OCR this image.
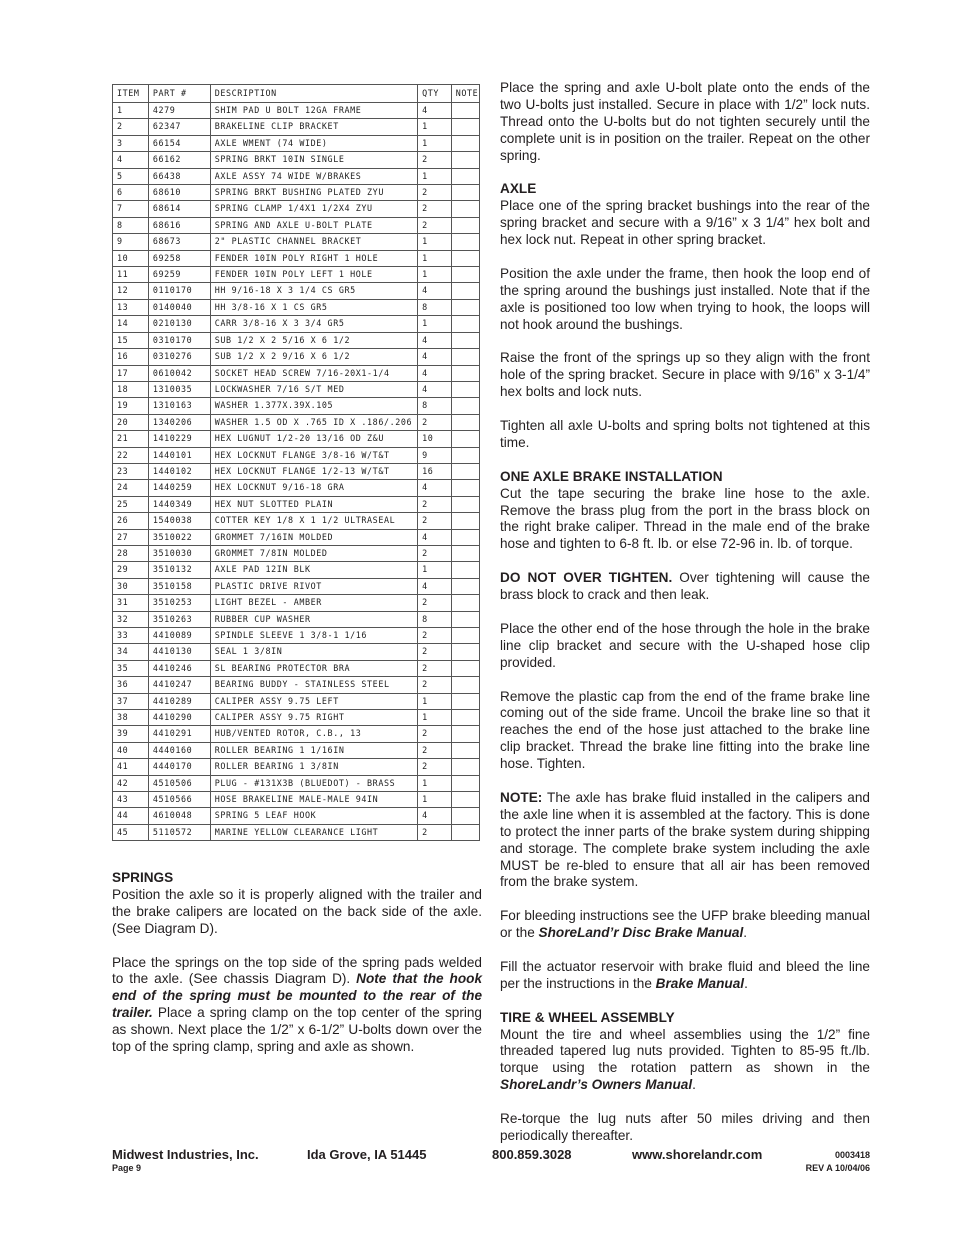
ITEM	PART #	DESCRIPTION	QTY	NOTE
1	4279	SHIM PAD U BOLT 12GA FRAME	4	
2	62347	BRAKELINE CLIP BRACKET	1	
3	66154	AXLE WMENT (74 WIDE)	1	
4	66162	SPRING BRKT 10IN SINGLE	2	
5	66438	AXLE ASSY 74 WIDE W/BRAKES	1	
6	68610	SPRING BRKT BUSHING PLATED ZYU	2	
7	68614	SPRING CLAMP 1/4X1 1/2X4 ZYU	2	
8	68616	SPRING AND AXLE U-BOLT PLATE	2	
9	68673	2" PLASTIC CHANNEL BRACKET	1	
10	69258	FENDER 10IN POLY RIGHT 1 HOLE	1	
11	69259	FENDER 10IN POLY LEFT 1 HOLE	1	
12	0110170	HH 9/16-18 X 3 1/4 CS GR5	4	
13	0140040	HH 3/8-16 X 1 CS GR5	8	
14	0210130	CARR 3/8-16 X 3 3/4 GR5	1	
15	0310170	SUB 1/2 X 2 5/16 X 6 1/2	4	
16	0310276	SUB 1/2 X 2 9/16 X 6 1/2	4	
17	0610042	SOCKET HEAD SCREW 7/16-20X1-1/4	4	
18	1310035	LOCKWASHER 7/16 S/T MED	4	
19	1310163	WASHER 1.377X.39X.105	8	
20	1340206	WASHER 1.5 OD X .765 ID X .186/.206	2	
21	1410229	HEX LUGNUT 1/2-20 13/16 OD Z&U	10	
22	1440101	HEX LOCKNUT FLANGE 3/8-16 W/T&T	9	
23	1440102	HEX LOCKNUT FLANGE 1/2-13 W/T&T	16	
24	1440259	HEX LOCKNUT 9/16-18 GRA	4	
25	1440349	HEX NUT SLOTTED PLAIN	2	
26	1540038	COTTER KEY 1/8 X 1 1/2 ULTRASEAL	2	
27	3510022	GROMMET 7/16IN MOLDED	4	
28	3510030	GROMMET 7/8IN MOLDED	2	
29	3510132	AXLE PAD 12IN BLK	1	
30	3510158	PLASTIC DRIVE RIVOT	4	
31	3510253	LIGHT BEZEL - AMBER	2	
32	3510263	RUBBER CUP WASHER	8	
33	4410089	SPINDLE SLEEVE 1 3/8-1 1/16	2	
34	4410130	SEAL 1 3/8IN	2	
35	4410246	SL BEARING PROTECTOR BRA	2	
36	4410247	BEARING BUDDY - STAINLESS STEEL	2	
37	4410289	CALIPER ASSY 9.75 LEFT	1	
38	4410290	CALIPER ASSY 9.75 RIGHT	1	
39	4410291	HUB/VENTED ROTOR, C.B., 13	2	
40	4440160	ROLLER BEARING 1 1/16IN	2	
41	4440170	ROLLER BEARING 1 3/8IN	2	
42	4510506	PLUG - #131X3B (BLUEDOT) - BRASS	1	
43	4510566	HOSE BRAKELINE MALE-MALE 94IN	1	
44	4610048	SPRING 5 LEAF HOOK	4	
45	5110572	MARINE YELLOW CLEARANCE LIGHT	2	
SPRINGS

Position the axle so it is properly aligned with the trailer and the brake calipers are located on the back side of the axle. (See Diagram D).

Place the springs on the top side of the spring pads welded to the axle. (See chassis Diagram D). Note that the hook end of the spring must be mounted to the rear of the trailer. Place a spring clamp on the top center of the spring as shown. Next place the 1/2” x 6-1/2” U-bolts down over the top of the spring clamp, spring and axle as shown.

Place the spring and axle U-bolt plate onto the ends of the two U-bolts just installed. Secure in place with 1/2” lock nuts. Thread onto the U-bolts but do not tighten securely until the complete unit is in position on the trailer. Repeat on the other spring.

AXLE

Place one of the spring bracket bushings into the rear of the spring bracket and secure with a 9/16” x 3 1/4” hex bolt and hex lock nut. Repeat in other spring bracket.

Position the axle under the frame, then hook the loop end of the spring around the bushings just installed. Note that if the axle is positioned too low when trying to hook, the loops will not hook around the bushings.

Raise the front of the springs up so they align with the front hole of the spring bracket. Secure in place with 9/16” x 3-1/4” hex bolts and lock nuts.

Tighten all axle U-bolts and spring bolts not tightened at this time.

ONE AXLE BRAKE INSTALLATION

Cut the tape securing the brake line hose to the axle. Remove the brass plug from the port in the brass block on the right brake caliper. Thread in the male end of the brake hose and tighten to 6-8 ft. lb. or else 72-96 in. lb. of torque.

DO NOT OVER TIGHTEN. Over tightening will cause the brass block to crack and then leak.

Place the other end of the hose through the hole in the brake line clip bracket and secure with the U-shaped hose clip provided.

Remove the plastic cap from the end of the frame brake line coming out of the side frame. Uncoil the brake line so that it reaches the end of the hose just attached to the brake line clip bracket. Thread the brake line fitting into the brake line hose. Tighten.

NOTE: The axle has brake fluid installed in the calipers and the axle line when it is assembled at the factory. This is done to protect the inner parts of the brake system during shipping and storage. The complete brake system including the axle MUST be re-bled to ensure that all air has been removed from the brake system.

For bleeding instructions see the UFP brake bleeding manual or the ShoreLand’r Disc Brake Manual.

Fill the actuator reservoir with brake fluid and bleed the line per the instructions in the Brake Manual.

TIRE & WHEEL ASSEMBLY

Mount the tire and wheel assemblies using the 1/2” fine threaded tapered lug nuts provided. Tighten to 85-95 ft./lb. torque using the rotation pattern as shown in the ShoreLandr’s Owners Manual.

Re-torque the lug nuts after 50 miles driving and then periodically thereafter.

Midwest Industries, Inc.	Ida Grove, IA 51445	800.859.3028	www.shorelandr.com	0003418
Page 9	REV A 10/04/06
